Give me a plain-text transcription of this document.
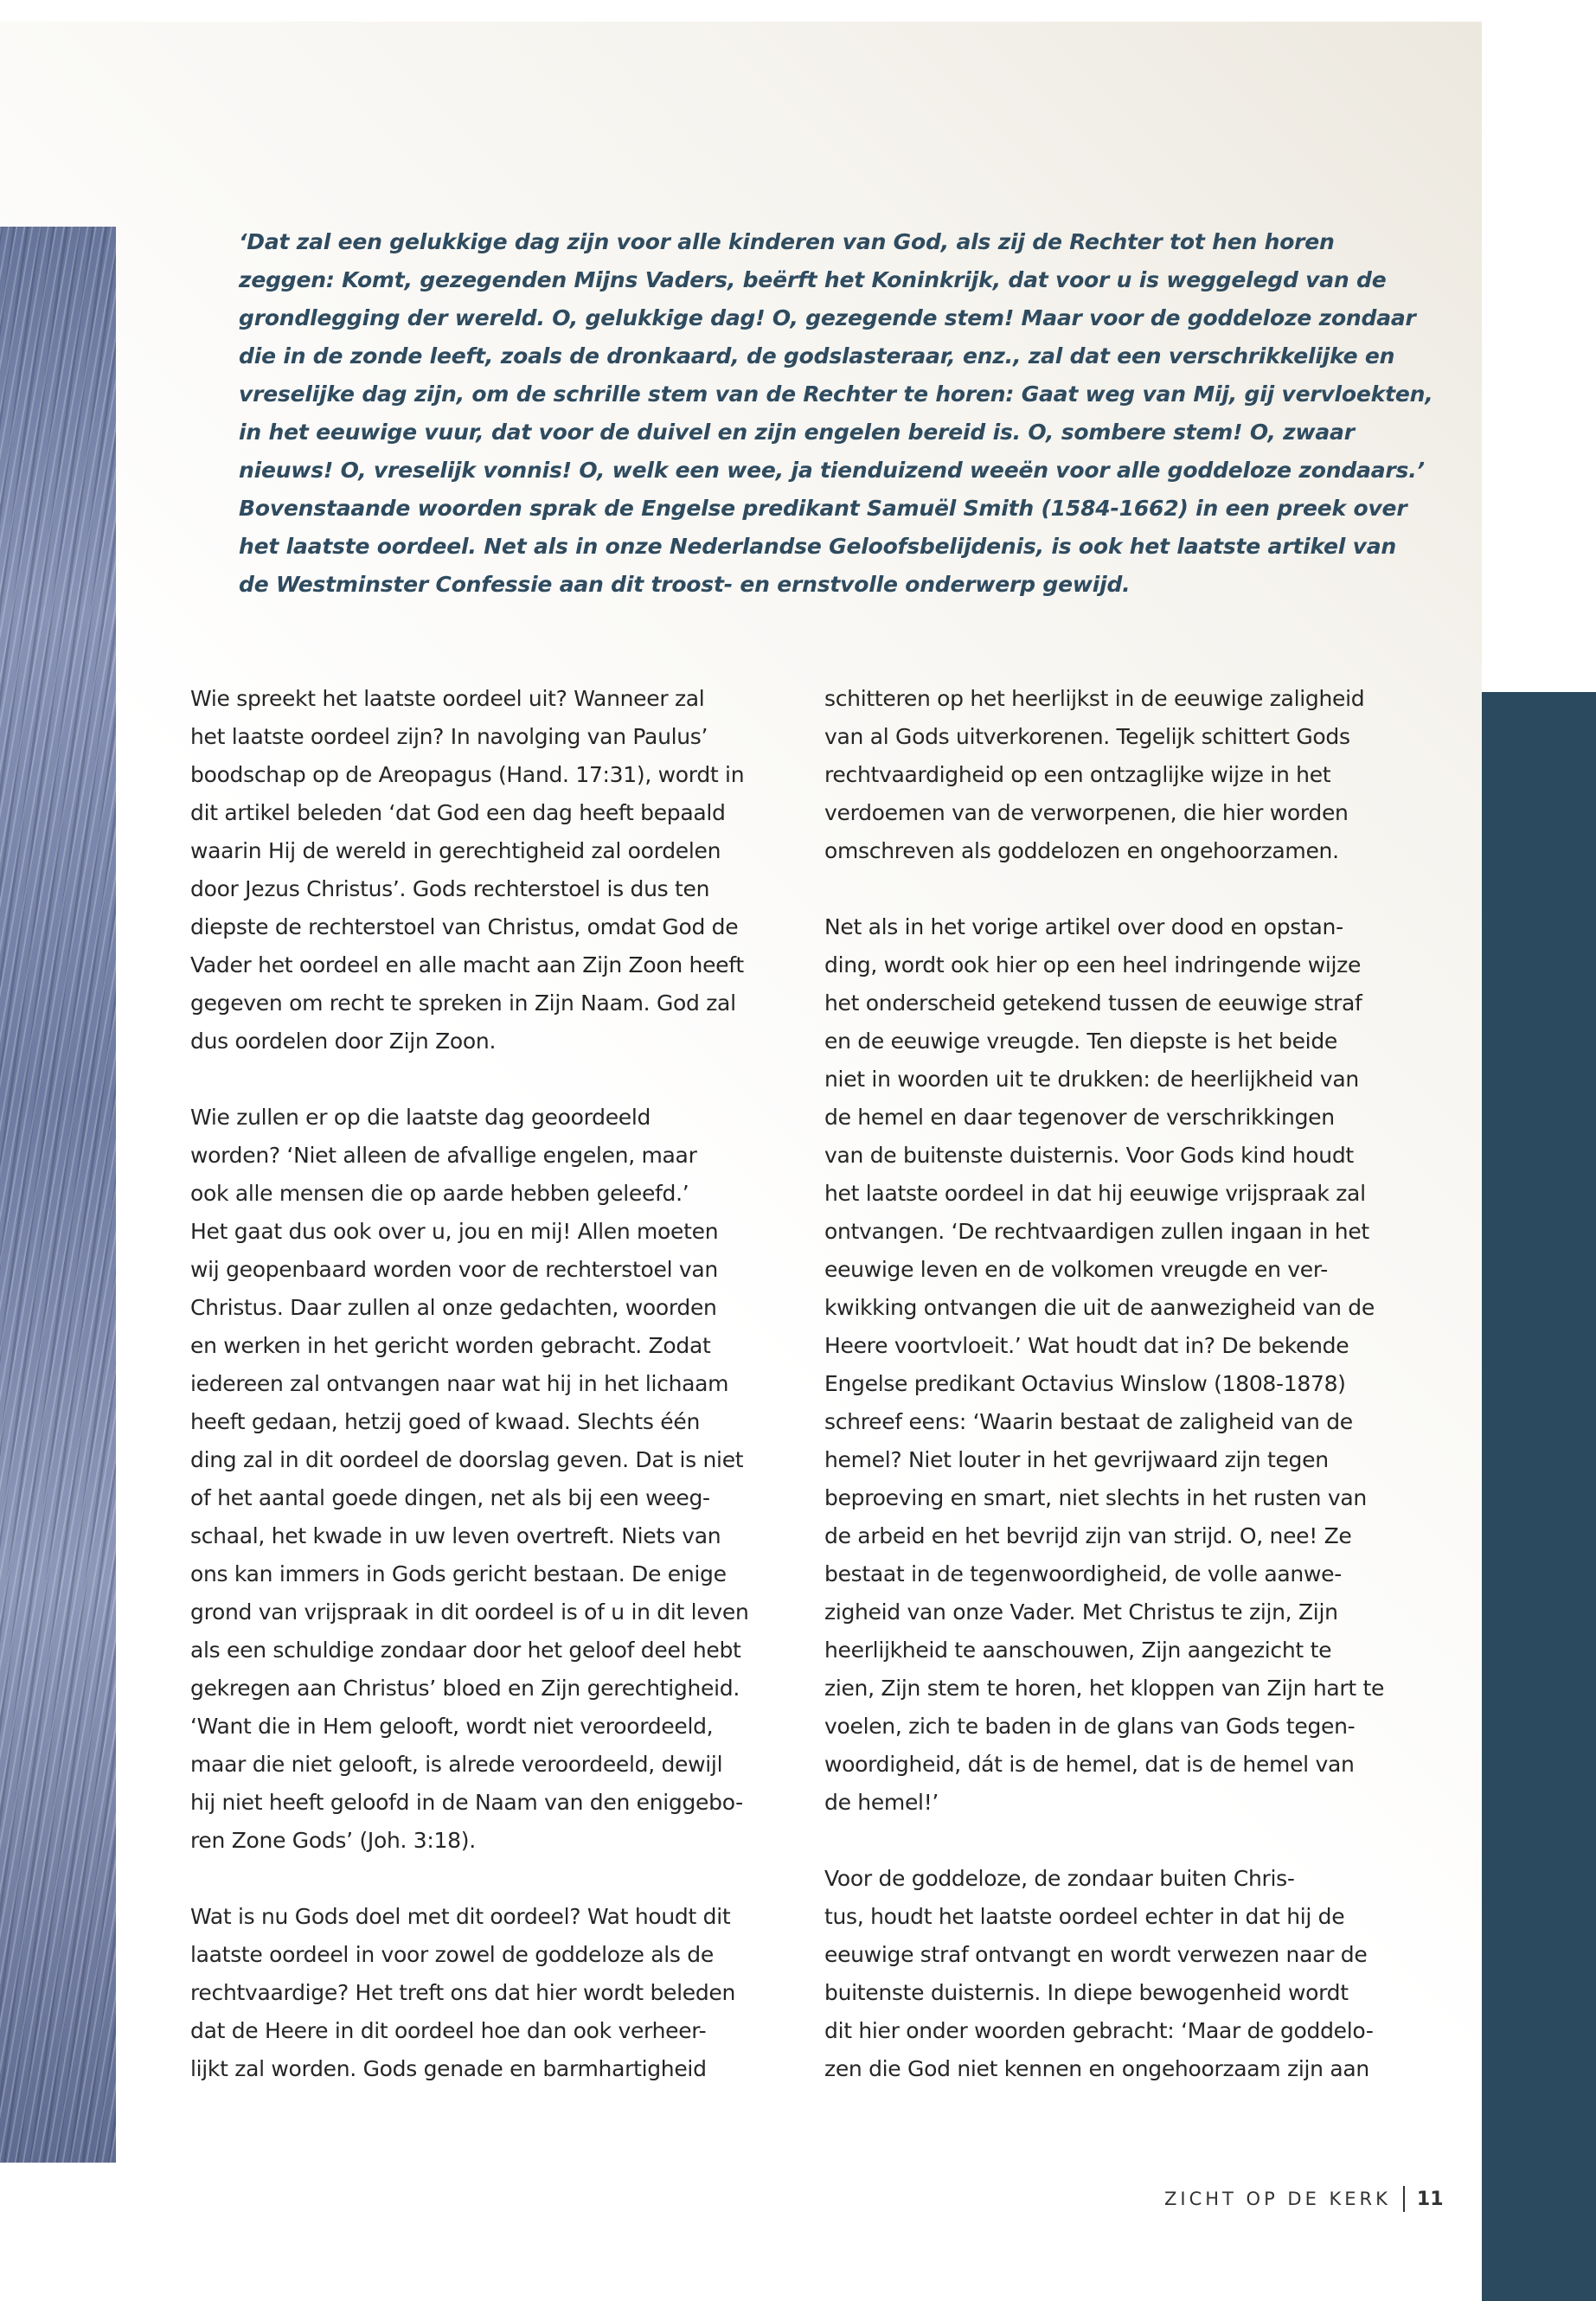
‘Dat zal een gelukkige dag zijn voor alle kinderen van God, als zij de Rechter tot hen horen
zeggen: Komt, gezegenden Mijns Vaders, beërft het Koninkrijk, dat voor u is weggelegd van de
grondlegging der wereld. O, gelukkige dag! O, gezegende stem! Maar voor de goddeloze zondaar
die in de zonde leeft, zoals de dronkaard, de godslasteraar, enz., zal dat een verschrikkelijke en
vreselijke dag zijn, om de schrille stem van de Rechter te horen: Gaat weg van Mij, gij vervloekten,
in het eeuwige vuur, dat voor de duivel en zijn engelen bereid is. O, sombere stem! O, zwaar
nieuws! O, vreselijk vonnis! O, welk een wee, ja tienduizend weeën voor alle goddeloze zondaars.’
Bovenstaande woorden sprak de Engelse predikant Samuël Smith (1584-1662) in een preek over
het laatste oordeel. Net als in onze Nederlandse Geloofsbelijdenis, is ook het laatste artikel van
de Westminster Confessie aan dit troost- en ernstvolle onderwerp gewijd.

Wie spreekt het laatste oordeel uit? Wanneer zal
het laatste oordeel zijn? In navolging van Paulus’
boodschap op de Areopagus (Hand. 17:31), wordt in
dit artikel beleden ‘dat God een dag heeft bepaald
waarin Hij de wereld in gerechtigheid zal oordelen
door Jezus Christus’. Gods rechterstoel is dus ten
diepste de rechterstoel van Christus, omdat God de
Vader het oordeel en alle macht aan Zijn Zoon heeft
gegeven om recht te spreken in Zijn Naam. God zal
dus oordelen door Zijn Zoon.

Wie zullen er op die laatste dag geoordeeld
worden? ‘Niet alleen de afvallige engelen, maar
ook alle mensen die op aarde hebben geleefd.’
Het gaat dus ook over u, jou en mij! Allen moeten
wij geopenbaard worden voor de rechterstoel van
Christus. Daar zullen al onze gedachten, woorden
en werken in het gericht worden gebracht. Zodat
iedereen zal ontvangen naar wat hij in het lichaam
heeft gedaan, hetzij goed of kwaad. Slechts één
ding zal in dit oordeel de doorslag geven. Dat is niet
of het aantal goede dingen, net als bij een weeg-
schaal, het kwade in uw leven overtreft. Niets van
ons kan immers in Gods gericht bestaan. De enige
grond van vrijspraak in dit oordeel is of u in dit leven
als een schuldige zondaar door het geloof deel hebt
gekregen aan Christus’ bloed en Zijn gerechtigheid.
‘Want die in Hem gelooft, wordt niet veroordeeld,
maar die niet gelooft, is alrede veroordeeld, dewijl
hij niet heeft geloofd in de Naam van den eniggebo-
ren Zone Gods’ (Joh. 3:18).

Wat is nu Gods doel met dit oordeel? Wat houdt dit
laatste oordeel in voor zowel de goddeloze als de
rechtvaardige? Het treft ons dat hier wordt beleden
dat de Heere in dit oordeel hoe dan ook verheer-
lijkt zal worden. Gods genade en barmhartigheid

schitteren op het heerlijkst in de eeuwige zaligheid
van al Gods uitverkorenen. Tegelijk schittert Gods
rechtvaardigheid op een ontzaglijke wijze in het
verdoemen van de verworpenen, die hier worden
omschreven als goddelozen en ongehoorzamen.

Net als in het vorige artikel over dood en opstan-
ding, wordt ook hier op een heel indringende wijze
het onderscheid getekend tussen de eeuwige straf
en de eeuwige vreugde. Ten diepste is het beide
niet in woorden uit te drukken: de heerlijkheid van
de hemel en daar tegenover de verschrikkingen
van de buitenste duisternis. Voor Gods kind houdt
het laatste oordeel in dat hij eeuwige vrijspraak zal
ontvangen. ‘De rechtvaardigen zullen ingaan in het
eeuwige leven en de volkomen vreugde en ver-
kwikking ontvangen die uit de aanwezigheid van de
Heere voortvloeit.’ Wat houdt dat in? De bekende
Engelse predikant Octavius Winslow (1808-1878)
schreef eens: ‘Waarin bestaat de zaligheid van de
hemel? Niet louter in het gevrijwaard zijn tegen
beproeving en smart, niet slechts in het rusten van
de arbeid en het bevrijd zijn van strijd. O, nee! Ze
bestaat in de tegenwoordigheid, de volle aanwe-
zigheid van onze Vader. Met Christus te zijn, Zijn
heerlijkheid te aanschouwen, Zijn aangezicht te
zien, Zijn stem te horen, het kloppen van Zijn hart te
voelen, zich te baden in de glans van Gods tegen-
woordigheid, dát is de hemel, dat is de hemel van
de hemel!’

Voor de goddeloze, de zondaar buiten Chris-
tus, houdt het laatste oordeel echter in dat hij de
eeuwige straf ontvangt en wordt verwezen naar de
buitenste duisternis. In diepe bewogenheid wordt
dit hier onder woorden gebracht: ‘Maar de goddelo-
zen die God niet kennen en ongehoorzaam zijn aan

ZICHT OP DE KERK 11
